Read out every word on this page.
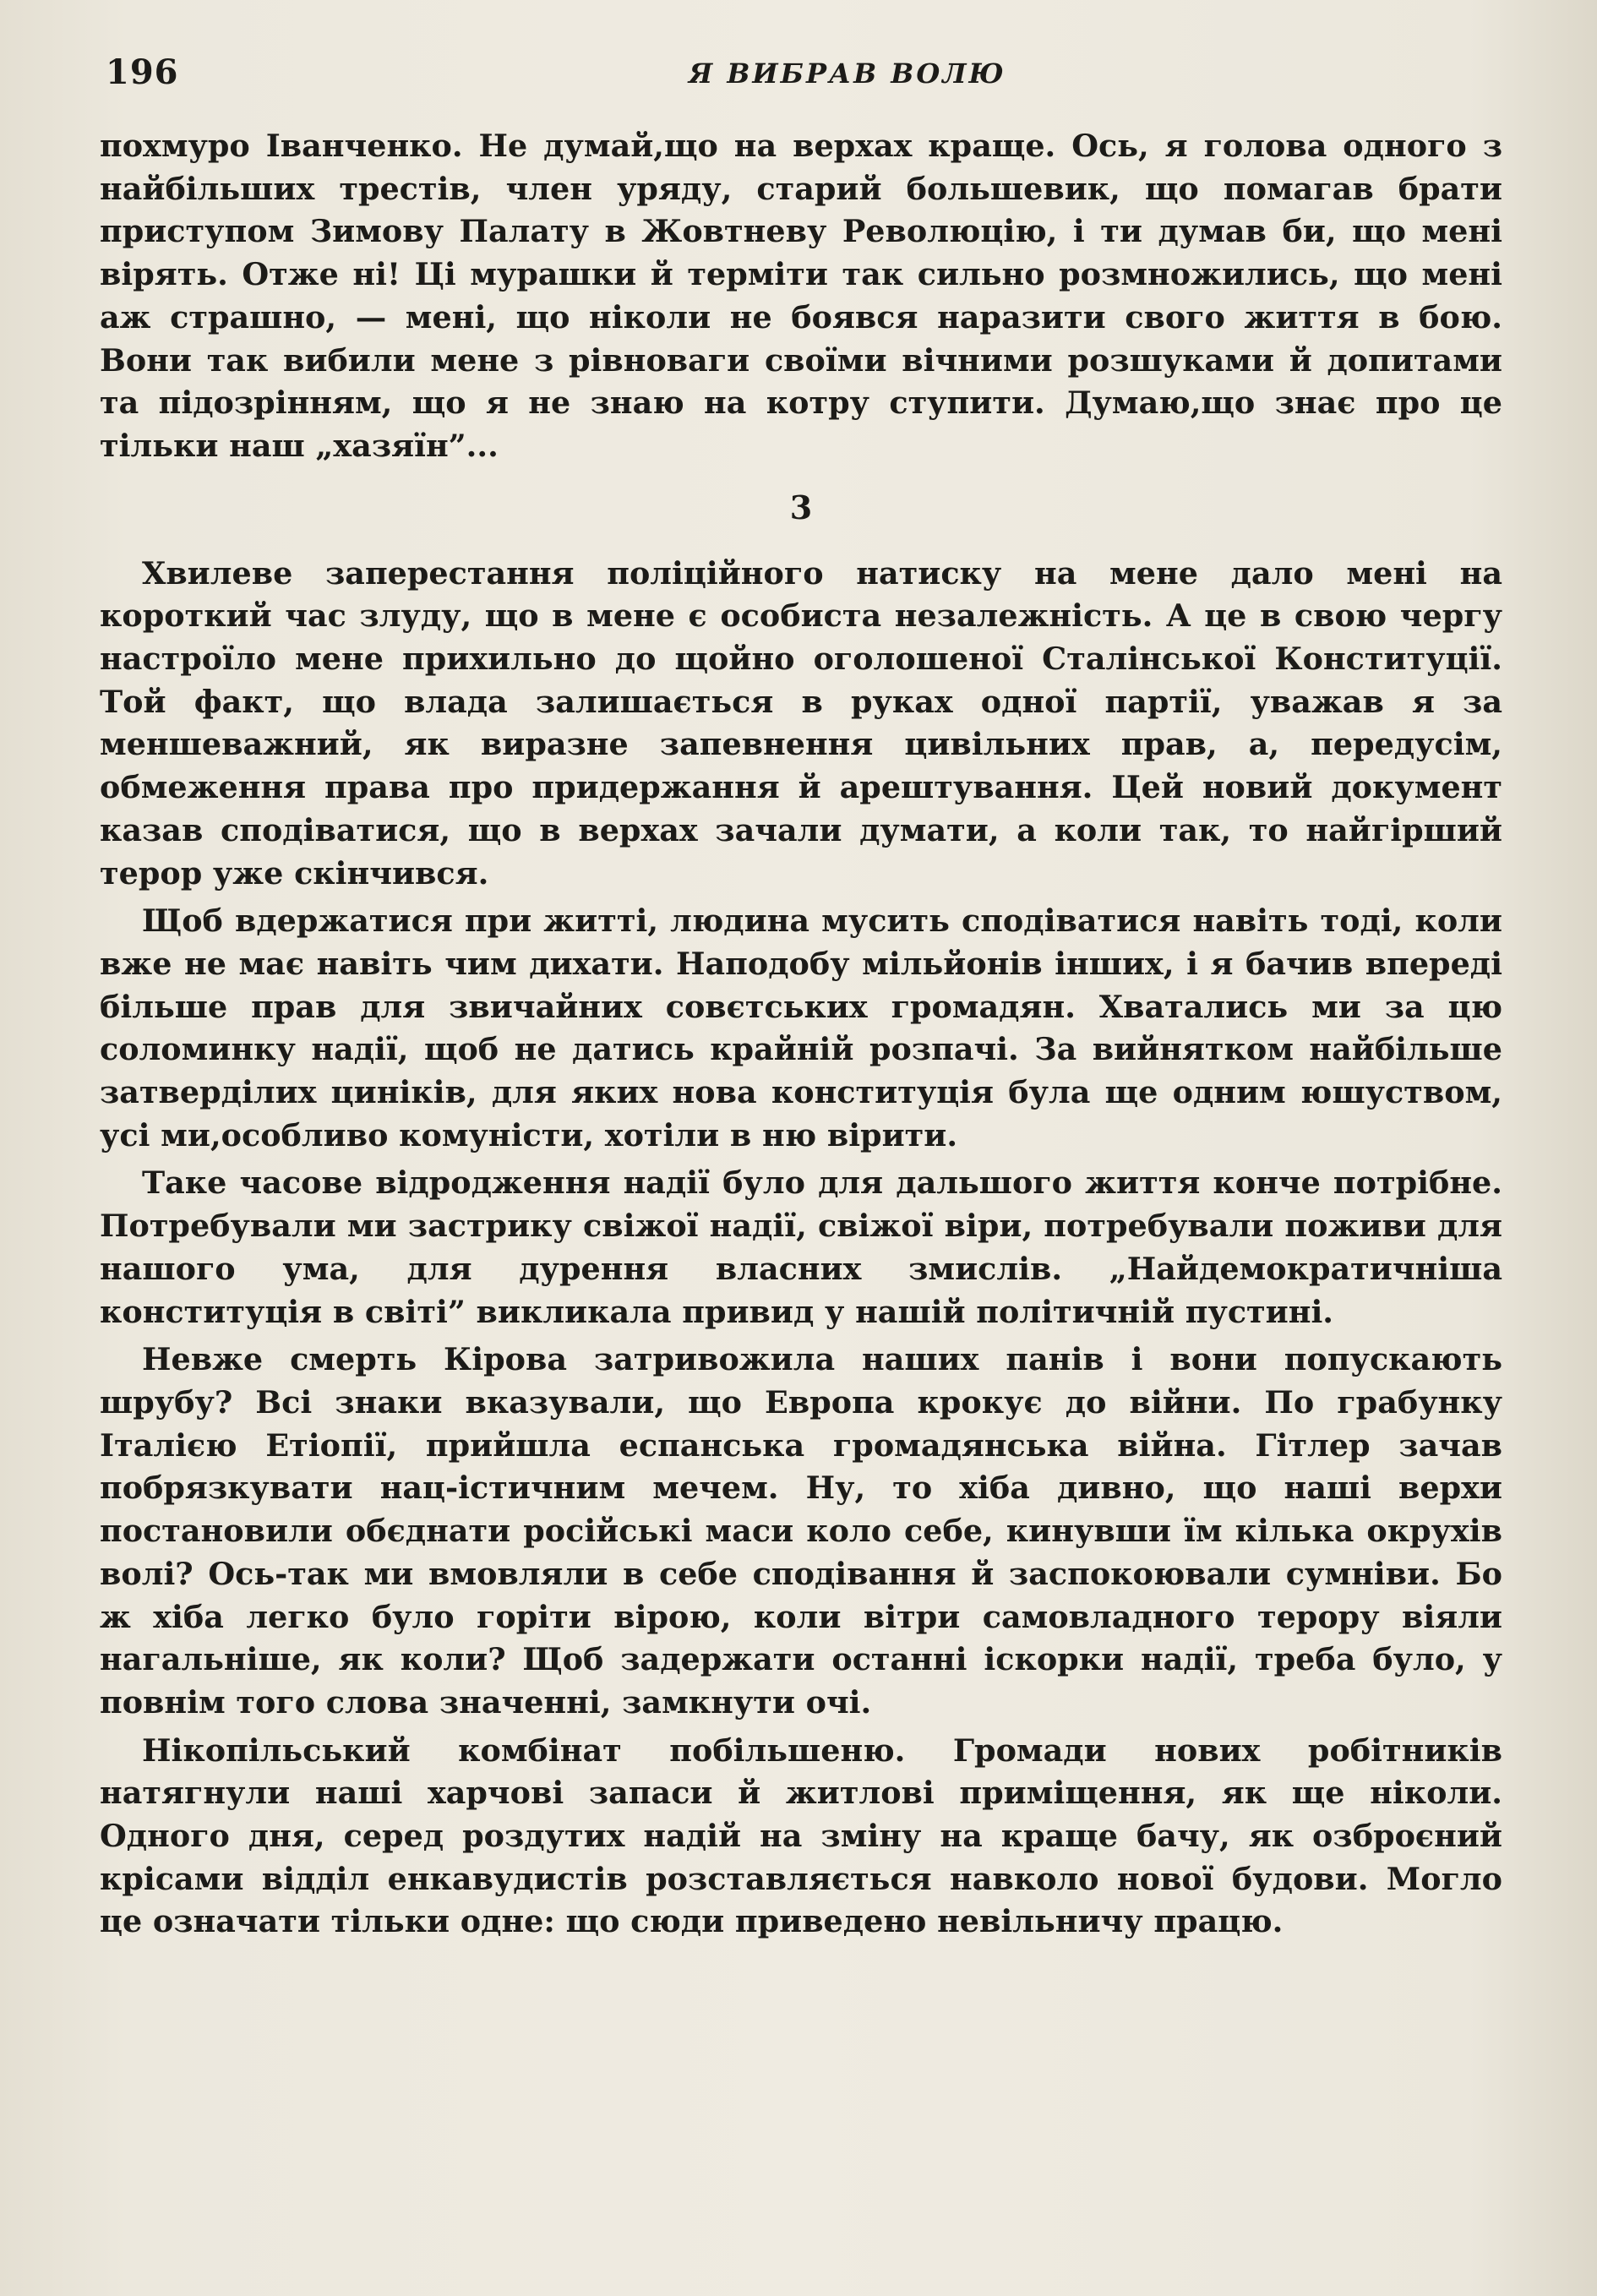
196	Я ВИБРАВ ВОЛЮ

похмуро Іванченко. Не думай,що на верхах краще. Ось, я голова одного з найбільших трестів, член уряду, старий большевик, що помагав брати приступом Зимову Палату в Жовтневу Революцію, і ти думав би, що мені вірять. Отже ні! Ці мурашки й терміти так сильно розмножились, що мені аж страшно, — мені, що ніколи не боявся наразити свого життя в бою. Вони так вибили мене з рівноваги своїми вічними розшуками й допитами та підозрінням, що я не знаю на котру ступити. Думаю,що знає про це тільки наш „хазяїн”...

3

Хвилеве заперестання поліційного натиску на мене дало мені на короткий час злуду, що в мене є особиста незалежність. А це в свою чергу настроїло мене прихильно до щойно оголошеної Сталінської Конституції. Той факт, що влада залишається в руках одної партії, уважав я за меншеважний, як виразне запевнення цивільних прав, а, передусім, обмеження права про придержання й арештування. Цей новий документ казав сподіватися, що в верхах зачали думати, а коли так, то найгірший терор уже скінчився.

Щоб вдержатися при житті, людина мусить сподіватися навіть тоді, коли вже не має навіть чим дихати. Наподобу мільйонів інших, і я бачив впереді більше прав для звичайних совєтських громадян. Хватались ми за цю соломинку надії, щоб не датись крайній розпачі. За вийнятком найбільше затверділих циніків, для яких нова конституція була ще одним юшуством, усі ми,особливо комуністи, хотіли в ню вірити.

Таке часове відродження надії було для дальшого життя конче потрібне. Потребували ми застрику свіжої надії, свіжої віри, потребували поживи для нашого ума, для дурення власних змислів. „Найдемократичніша конституція в світі” викликала привид у нашій політичній пустині.

Невже смерть Кірова затривожила наших панів і вони попускають шрубу? Всі знаки вказували, що Европа крокує до війни. По грабунку Італією Етіопії, прийшла еспанська громадянська війна. Гітлер зачав побрязкувати нац-істичним мечем. Ну, то хіба дивно, що наші верхи постановили обєднати російські маси коло себе, кинувши їм кілька окрухів волі? Ось-так ми вмовляли в себе сподівання й заспокоювали сумніви. Бо ж хіба легко було горіти вірою, коли вітри самовладного терору віяли нагальніше, як коли? Щоб задержати останні іскорки надії, треба було, у повнім того слова значенні, замкнути очі.

Нікопільський комбінат побільшеню. Громади нових робітників натягнули наші харчові запаси й житлові приміщення, як ще ніколи. Одного дня, серед роздутих надій на зміну на краще бачу, як озброєний крісами відділ енкавудистів розставляється навколо нової будови. Могло це означати тільки одне: що сюди приведено невільничу працю.
